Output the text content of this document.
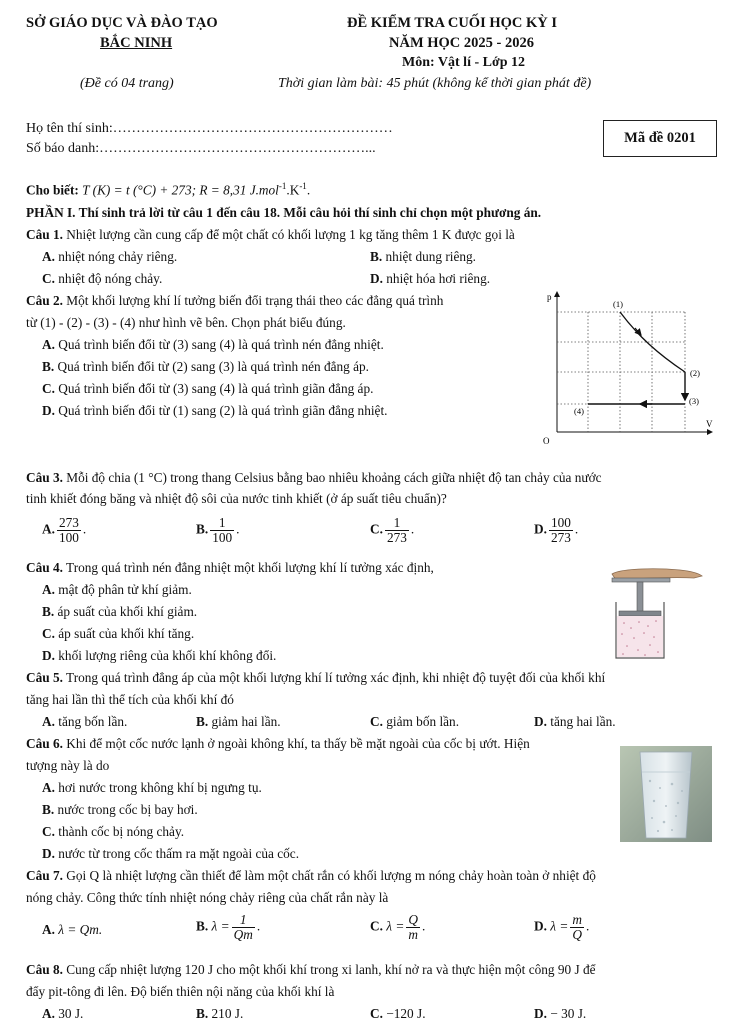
SỞ GIÁO DỤC VÀ ĐÀO TẠO
BẮC NINH
(Đề có 04 trang)
ĐỀ KIỂM TRA CUỐI HỌC KỲ I
NĂM HỌC 2025 - 2026
Môn: Vật lí - Lớp 12
Thời gian làm bài: 45 phút (không kể thời gian phát đề)
Họ tên thí sinh:……………………………………………………
Số báo danh:…………………………………………………...
Mã đề 0201
Cho biết: T (K) = t (°C) + 273; R = 8,31 $J.mol^{-1}.K^{-1}$.
PHẦN I. Thí sinh trả lời từ câu 1 đến câu 18. Mỗi câu hỏi thí sinh chỉ chọn một phương án.
Câu 1. Nhiệt lượng cần cung cấp để một chất có khối lượng 1 kg tăng thêm 1 K được gọi là
A. nhiệt nóng chảy riêng.	B. nhiệt dung riêng.
C. nhiệt độ nóng chảy.	D. nhiệt hóa hơi riêng.
Câu 2. Một khối lượng khí lí tưởng biến đổi trạng thái theo các đẳng quá trình
từ (1) - (2) - (3) - (4) như hình vẽ bên. Chọn phát biểu đúng.
A. Quá trình biến đổi từ (3) sang (4) là quá trình nén đẳng nhiệt.
B. Quá trình biến đổi từ (2) sang (3) là quá trình nén đẳng áp.
C. Quá trình biến đổi từ (3) sang (4) là quá trình giãn đẳng áp.
D. Quá trình biến đổi từ (1) sang (2) là quá trình giãn đẳng nhiệt.
p
V
O
(1)
(2)
(3)
(4)
Câu 3. Mỗi độ chia (1 °C) trong thang Celsius bằng bao nhiêu khoảng cách giữa nhiệt độ tan chảy của nước
tinh khiết đóng băng và nhiệt độ sôi của nước tinh khiết (ở áp suất tiêu chuẩn)?
A. $\frac{273}{100}$ .	B. $\frac{1}{100}$ .	C. $\frac{1}{273}$ .	D. $\frac{100}{273}$ .
Câu 4. Trong quá trình nén đẳng nhiệt một khối lượng khí lí tưởng xác định,
A. mật độ phân tử khí giảm.
B. áp suất của khối khí giảm.
C. áp suất của khối khí tăng.
D. khối lượng riêng của khối khí không đổi.
Câu 5. Trong quá trình đẳng áp của một khối lượng khí lí tưởng xác định, khi nhiệt độ tuyệt đối của khối khí
tăng hai lần thì thể tích của khối khí đó
A. tăng bốn lần.	B. giảm hai lần.	C. giảm bốn lần.	D. tăng hai lần.
Câu 6. Khi để một cốc nước lạnh ở ngoài không khí, ta thấy bề mặt ngoài của cốc bị ướt. Hiện
tượng này là do
A. hơi nước trong không khí bị ngưng tụ.
B. nước trong cốc bị bay hơi.
C. thành cốc bị nóng chảy.
D. nước từ trong cốc thấm ra mặt ngoài của cốc.
Câu 7. Gọi Q là nhiệt lượng cần thiết để làm một chất rắn có khối lượng m nóng chảy hoàn toàn ở nhiệt độ
nóng chảy. Công thức tính nhiệt nóng chảy riêng của chất rắn này là
A. λ = Qm.	B. $\lambda = \frac{1}{Qm}$ .	C. $\lambda = \frac{Q}{m}$ .	D. $\lambda = \frac{m}{Q}$ .
Câu 8. Cung cấp nhiệt lượng 120 J cho một khối khí trong xi lanh, khí nở ra và thực hiện một công 90 J để
đẩy pit-tông đi lên. Độ biến thiên nội năng của khối khí là
A. 30 J.	B. 210 J.	C. −120 J.	D. − 30 J.
